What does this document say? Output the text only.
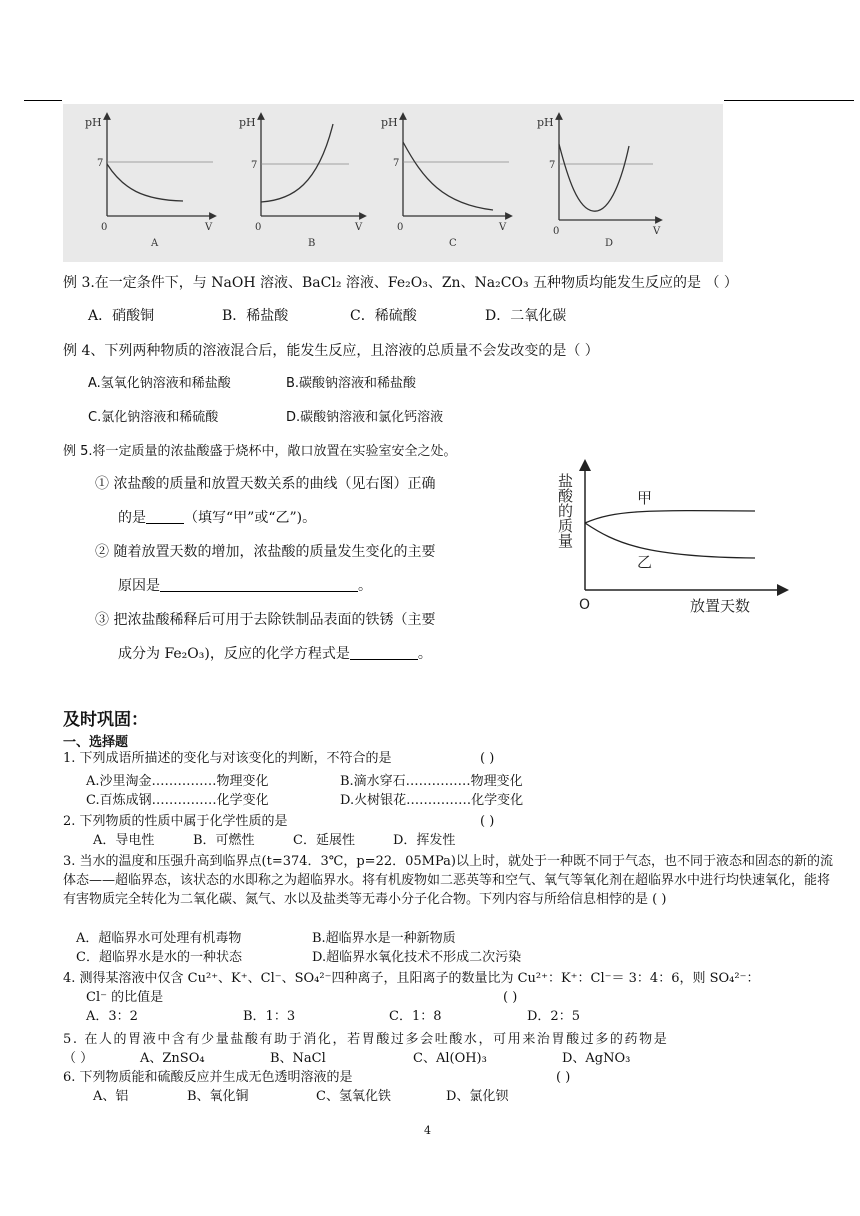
pH
7
0	V
A
pH
7
0	V
B
pH
7
0	V
C
pH
7
0	V
D
例 3.在一定条件下，与 NaOH 溶液、BaCl₂ 溶液、Fe₂O₃、Zn、Na₂CO₃ 五种物质均能发生反应的是 （ ）
A．硝酸铜	B．稀盐酸	C．稀硫酸	D．二氧化碳
例 4、下列两种物质的溶液混合后，能发生反应，且溶液的总质量不会发改变的是（ ）
A.氢氧化钠溶液和稀盐酸	B.碳酸钠溶液和稀盐酸
C.氯化钠溶液和稀硫酸	D.碳酸钠溶液和氯化钙溶液
例 5.将一定质量的浓盐酸盛于烧杯中，敞口放置在实验室安全之处。
① 浓盐酸的质量和放置天数关系的曲线（见右图）正确
的是	（填写“甲”或“乙”)。
② 随着放置天数的增加，浓盐酸的质量发生变化的主要
原因是	。
③ 把浓盐酸稀释后可用于去除铁制品表面的铁锈（主要
成分为 Fe₂O₃)，反应的化学方程式是	。
盐酸的质量
O	放置天数
甲
乙
及时巩固：
一、选择题
1. 下列成语所描述的变化与对该变化的判断，不符合的是	( )
A.沙里淘金……………物理变化	B.滴水穿石……………物理变化
C.百炼成钢……………化学变化	D.火树银花……………化学变化
2. 下列物质的性质中属于化学性质的是	( )
A．导电性	B．可燃性	C．延展性	D．挥发性
3. 当水的温度和压强升高到临界点(t=374．3℃，p=22．05MPa)以上时，就处于一种既不同于气态，也不同于液态和固态的新的流体态——超临界态，该状态的水即称之为超临界水。将有机废物如二恶英等和空气、氧气等氧化剂在超临界水中进行均快速氧化，能将有害物质完全转化为二氧化碳、氮气、水以及盐类等无毒小分子化合物。下列内容与所给信息相悖的是 ( )
A．超临界水可处理有机毒物	B.超临界水是一种新物质
C．超临界水是水的一种状态	D.超临界水氧化技术不形成二次污染
4. 测得某溶液中仅含 Cu²⁺、K⁺、Cl⁻、SO₄²⁻四种离子，且阳离子的数量比为 Cu²⁺：K⁺：Cl⁻＝ 3：4：6，则 SO₄²⁻：
Cl⁻ 的比值是	( )
A．3：2	B．1：3	C．1：8	D．2：5
5. 在人的胃液中含有少量盐酸有助于消化，若胃酸过多会吐酸水，可用来治胃酸过多的药物是
（ ）	A、ZnSO₄	B、NaCl	C、Al(OH)₃	D、AgNO₃
6. 下列物质能和硫酸反应并生成无色透明溶液的是	( )
A、铝	B、氧化铜	C、氢氧化铁	D、氯化钡
4
